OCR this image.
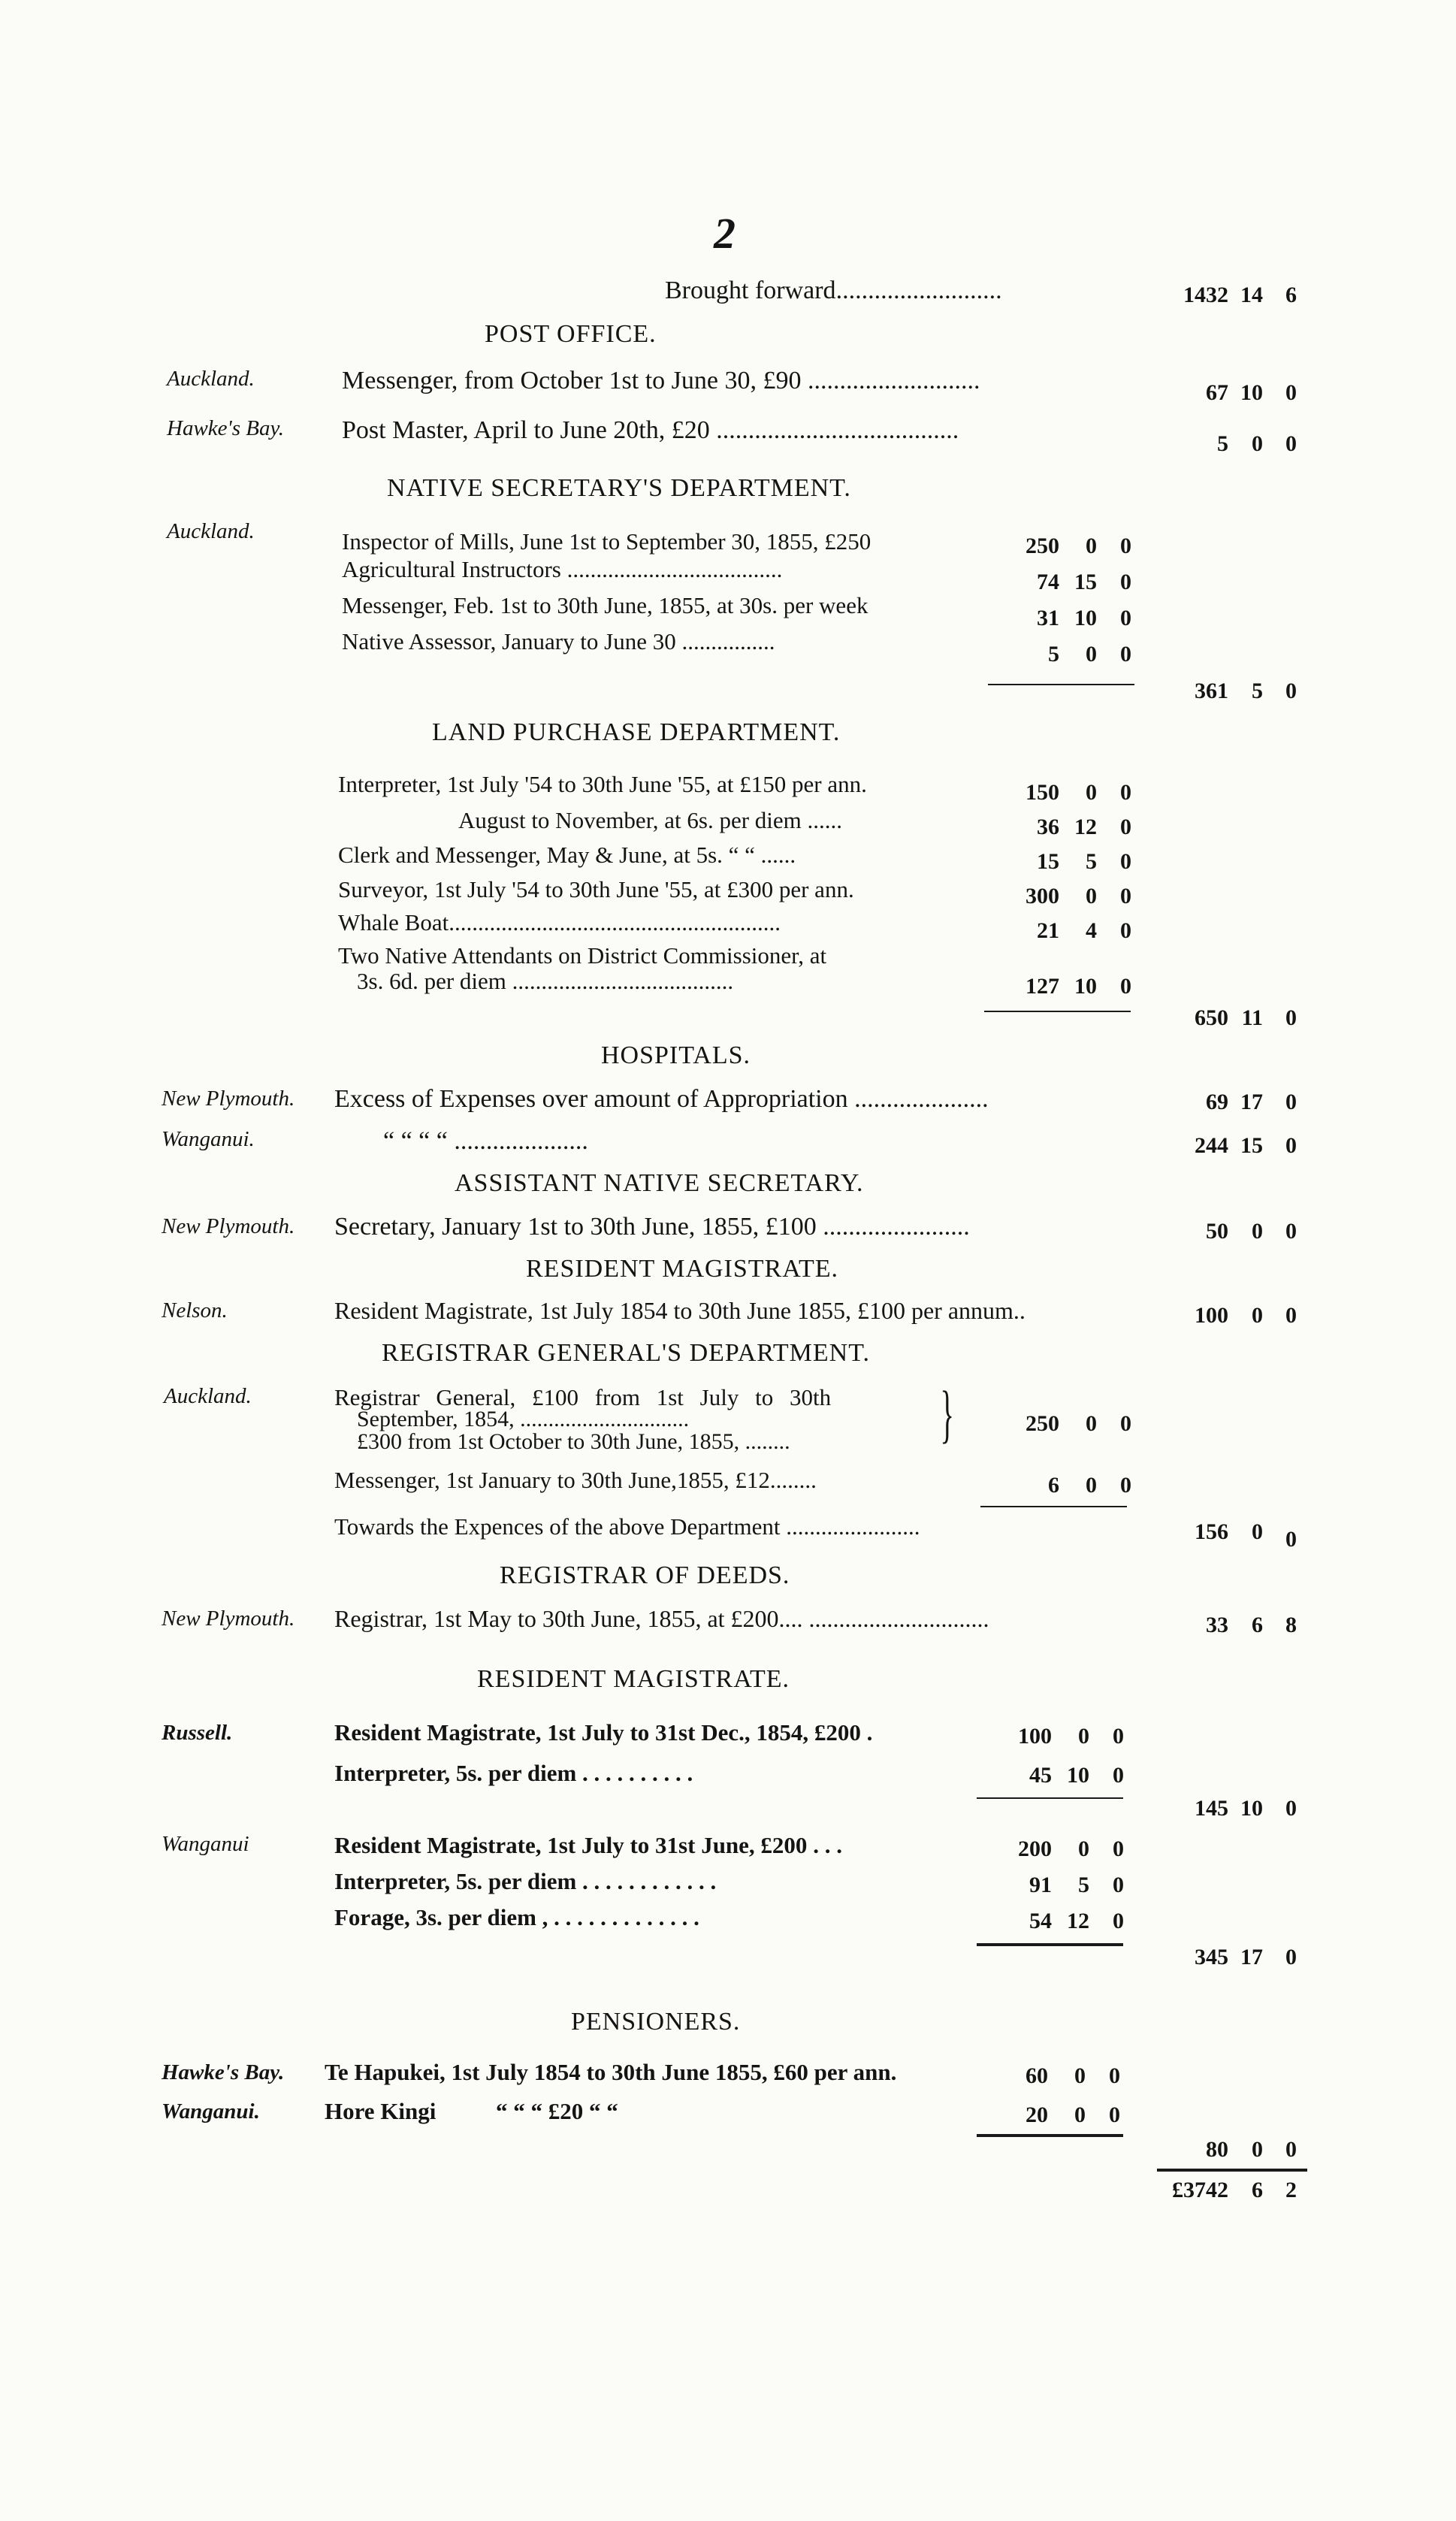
2
Brought forward..........................	1432 14	6
POST OFFICE.
Auckland.	Messenger, from October 1st to June 30, £90 ...........................	67 10	0
Hawke's Bay. Post Master, April to June 20th, £20 ......................................	5	0	0
NATIVE SECRETARY'S DEPARTMENT.
Auckland.	Inspector of Mills, June 1st to September 30, 1855, £250	250	0	0
Agricultural Instructors .....................................	74 15	0
Messenger, Feb. 1st to 30th June, 1855, at 30s. per week	31 10	0
Native Assessor, January to June 30 ................	5	0	0
361	5	0
LAND PURCHASE DEPARTMENT.
Interpreter, 1st July '54 to 30th June '55, at £150 per ann.	150	0	0
August to November, at 6s. per diem ......	36 12	0
Clerk and Messenger, May & June, at 5s. “ “ ......	15	5	0
Surveyor, 1st July '54 to 30th June '55, at £300 per ann.	300	0	0
Whale Boat.........................................................	21	4	0
Two Native Attendants on District Commissioner, at
3s. 6d. per diem ......................................	127 10	0
650 11	0
HOSPITALS.
New Plymouth. Excess of Expenses over amount of Appropriation .....................	69 17	0
Wanganui.	“ “ “ “ .....................	244 15	0
ASSISTANT NATIVE SECRETARY.
New Plymouth. Secretary, January 1st to 30th June, 1855, £100 .......................	50	0	0
RESIDENT MAGISTRATE.
Nelson.	Resident Magistrate, 1st July 1854 to 30th June 1855, £100 per annum..	100	0	0
REGISTRAR GENERAL'S DEPARTMENT.
Auckland.	Registrar General, £100 from 1st July to 30th
September, 1854, ..............................
£300 from 1st October to 30th June, 1855, ........ }	250	0	0
Messenger, 1st January to 30th June,1855, £12........	6	0	0
Towards the Expences of the above Department .......................	156	0	0
REGISTRAR OF DEEDS.
New Plymouth. Registrar, 1st May to 30th June, 1855, at £200.... ..............................	33	6	8
RESIDENT MAGISTRATE.
Russell.	Resident Magistrate, 1st July to 31st Dec., 1854, £200 .	100	0	0
Interpreter, 5s. per diem . . . . . . . . . .	45 10	0
145 10	0
Wanganui	Resident Magistrate, 1st July to 31st June, £200 . . .	200	0	0
Interpreter, 5s. per diem . . . . . . . . . . . .	91	5	0
Forage, 3s. per diem , . . . . . . . . . . . . .	54 12	0
345 17	0
PENSIONERS.
Hawke's Bay. Te Hapukei, 1st July 1854 to 30th June 1855, £60 per ann.	60	0	0
Wanganui.	Hore Kingi	“ “ “ £20 “ “	20	0	0
80	0	0
£3742	6	2
